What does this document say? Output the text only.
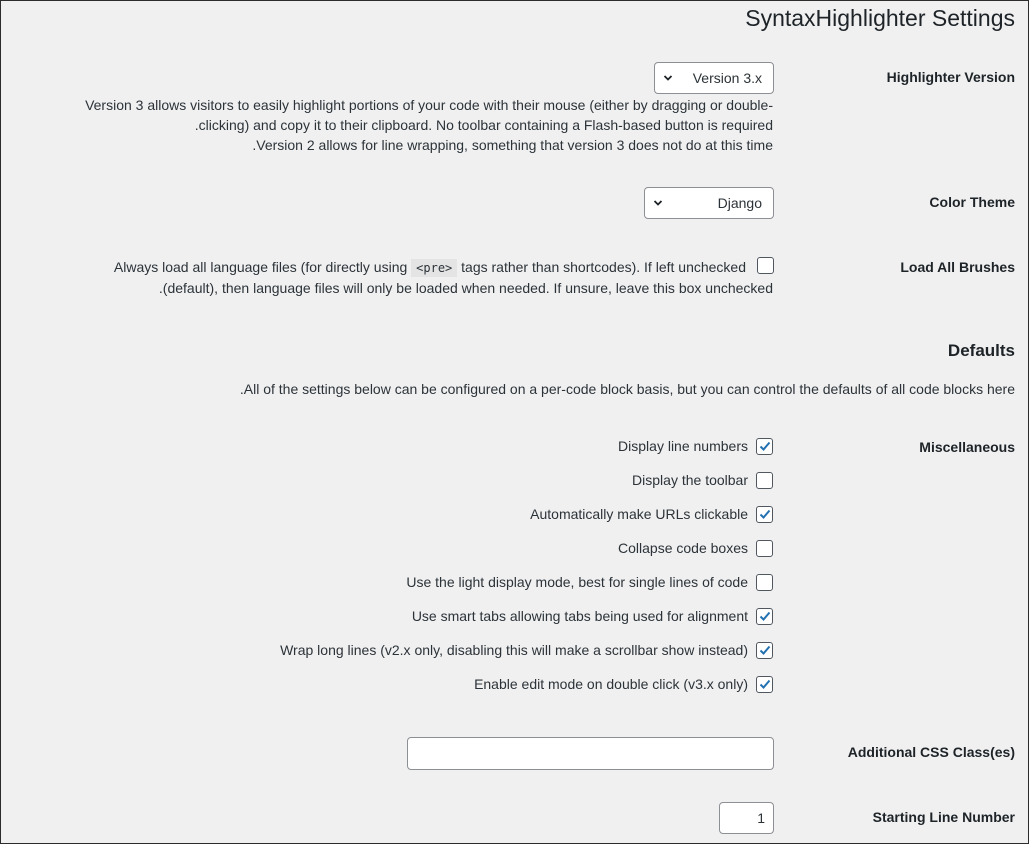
SyntaxHighlighter Settings
Highlighter Version
Version 3.x
Version 3 allows visitors to easily highlight portions of your code with their mouse (either by dragging or double-
.clicking) and copy it to their clipboard. No toolbar containing a Flash-based button is required
.Version 2 allows for line wrapping, something that version 3 does not do at this time
Color Theme
Django
Load All Brushes
Always load all language files (for directly using <pre> tags rather than shortcodes). If left unchecked
.(default), then language files will only be loaded when needed. If unsure, leave this box unchecked
Defaults
.All of the settings below can be configured on a per-code block basis, but you can control the defaults of all code blocks here
Miscellaneous
Display line numbers
Display the toolbar
Automatically make URLs clickable
Collapse code boxes
Use the light display mode, best for single lines of code
Use smart tabs allowing tabs being used for alignment
Wrap long lines (v2.x only, disabling this will make a scrollbar show instead)
Enable edit mode on double click (v3.x only)
Additional CSS Class(es)
Starting Line Number
1
